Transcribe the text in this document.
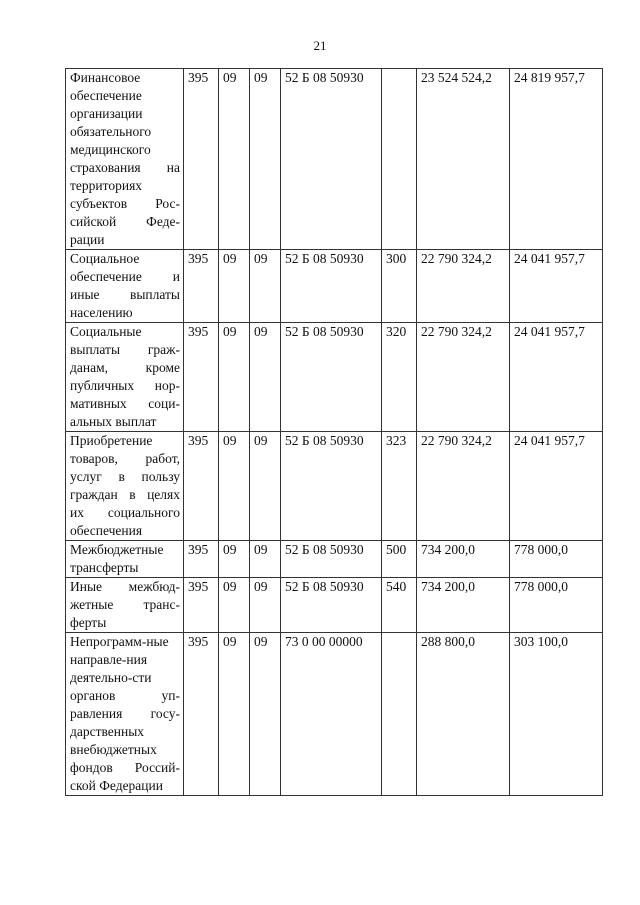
21
Финансовое обеспечение организации обязательного медицинского страхования на территориях субъектов Рос-сийской Феде-рации	395	09	09	52 Б 08 50930		23 524 524,2	24 819 957,7
Социальное обеспечение и иные выплаты населению	395	09	09	52 Б 08 50930	300	22 790 324,2	24 041 957,7
Социальные выплаты граж-данам, кроме публичных нор-мативных соци-альных выплат	395	09	09	52 Б 08 50930	320	22 790 324,2	24 041 957,7
Приобретение товаров, работ, услуг в пользу граждан в целях их социального обеспечения	395	09	09	52 Б 08 50930	323	22 790 324,2	24 041 957,7
Межбюджетные трансферты	395	09	09	52 Б 08 50930	500	734 200,0	778 000,0
Иные межбюд-жетные транс-ферты	395	09	09	52 Б 08 50930	540	734 200,0	778 000,0
Непрограмм-ные направле-ния деятельно-сти органов уп-равления госу-дарственных внебюджетных фондов Россий-ской Федерации	395	09	09	73 0 00 00000		288 800,0	303 100,0
